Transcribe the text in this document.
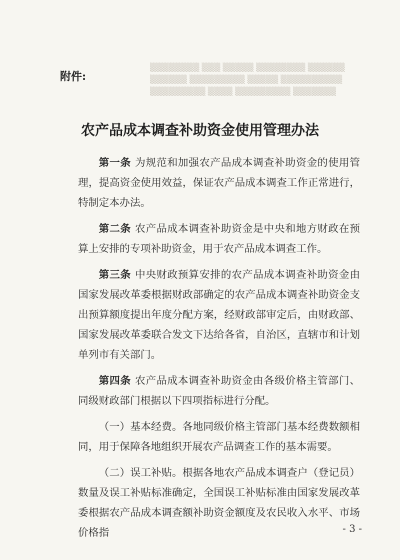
▒▒▒▒▒▒▒▒ ▒▒▒ ▒▒▒▒▒ ▒▒▒▒▒▒▒▒ ▒▒▒▒▒▒
▒▒▒▒▒▒ ▒▒▒▒▒▒▒▒▒ ▒▒▒▒▒ ▒▒▒▒▒▒▒▒▒▒
▒▒▒▒▒▒▒▒▒ ▒▒▒▒ ▒▒▒▒▒▒▒▒▒ ▒▒▒▒▒▒▒
附件:
农产品成本调查补助资金使用管理办法

第一条 为规范和加强农产品成本调查补助资金的使用管理，提高资金使用效益，保证农产品成本调查工作正常进行，特制定本办法。

第二条 农产品成本调查补助资金是中央和地方财政在预算上安排的专项补助资金，用于农产品成本调查工作。

第三条 中央财政预算安排的农产品成本调查补助资金由国家发展改革委根据财政部确定的农产品成本调查补助资金支出预算额度提出年度分配方案，经财政部审定后，由财政部、国家发展改革委联合发文下达给各省，自治区，直辖市和计划单列市有关部门。

第四条 农产品成本调查补助资金由各级价格主管部门、同级财政部门根据以下四项指标进行分配。

（一）基本经费。各地同级价格主管部门基本经费数额相同，用于保障各地组织开展农产品调查工作的基本需要。

（二）误工补贴。根据各地农产品成本调查户（登记员）数量及误工补贴标准确定，全国误工补贴标准由国家发展改革委根据农产品成本调查额补助资金额度及农民收入水平、市场价格指	- 3 -
